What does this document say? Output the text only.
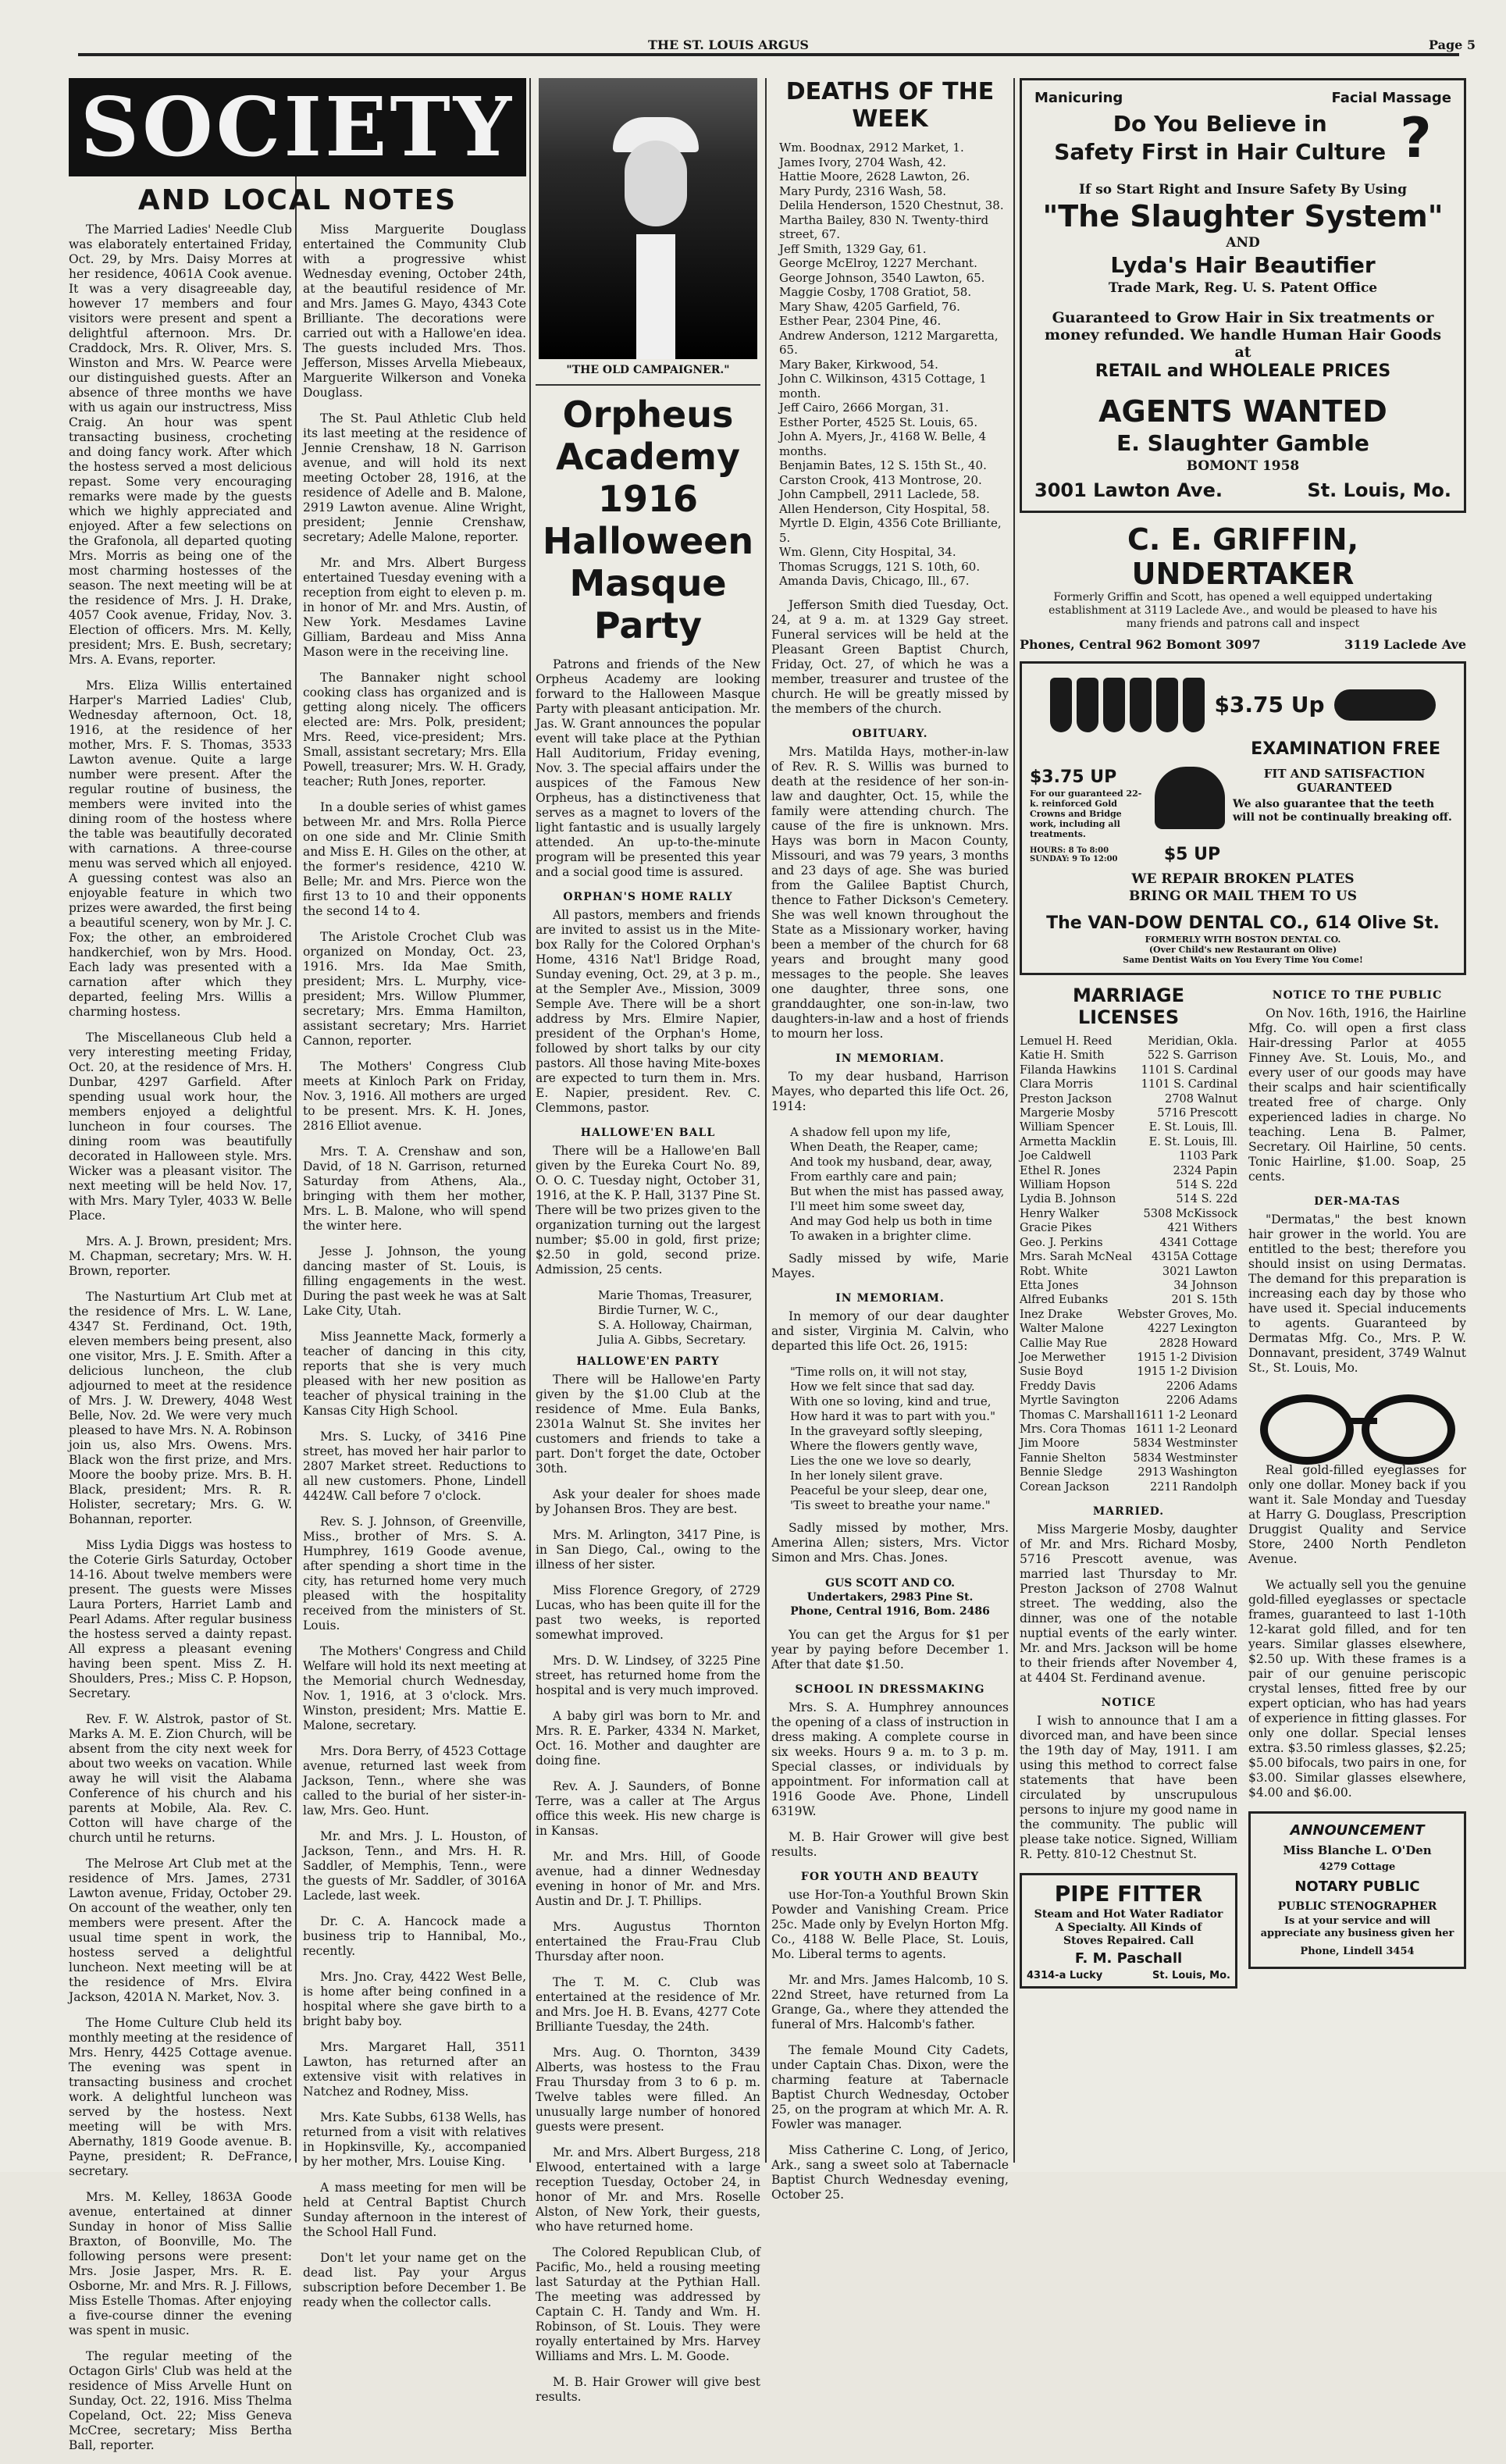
THE ST. LOUIS ARGUS	Page 5
SOCIETY
AND LOCAL NOTES

The Married Ladies' Needle Club was elaborately entertained Friday, Oct. 29, by Mrs. Daisy Morres at her residence, 4061A Cook avenue. It was a very disagreeable day, however 17 members and four visitors were present and spent a delightful afternoon. Mrs. Dr. Craddock, Mrs. R. Oliver, Mrs. S. Winston and Mrs. W. Pearce were our distinguished guests. After an absence of three months we have with us again our instructress, Miss Craig. An hour was spent transacting business, crocheting and doing fancy work. After which the hostess served a most delicious repast. Some very encouraging remarks were made by the guests which we highly appreciated and enjoyed. After a few selections on the Grafonola, all departed quoting Mrs. Morris as being one of the most charming hostesses of the season. The next meeting will be at the residence of Mrs. J. H. Drake, 4057 Cook avenue, Friday, Nov. 3. Election of officers. Mrs. M. Kelly, president; Mrs. E. Bush, secretary; Mrs. A. Evans, reporter.

Mrs. Eliza Willis entertained Harper's Married Ladies' Club, Wednesday afternoon, Oct. 18, 1916, at the residence of her mother, Mrs. F. S. Thomas, 3533 Lawton avenue. Quite a large number were present. After the regular routine of business, the members were invited into the dining room of the hostess where the table was beautifully decorated with carnations. A three-course menu was served which all enjoyed. A guessing contest was also an enjoyable feature in which two prizes were awarded, the first being a beautiful scenery, won by Mr. J. C. Fox; the other, an embroidered handkerchief, won by Mrs. Hood. Each lady was presented with a carnation after which they departed, feeling Mrs. Willis a charming hostess.

The Miscellaneous Club held a very interesting meeting Friday, Oct. 20, at the residence of Mrs. H. Dunbar, 4297 Garfield. After spending usual work hour, the members enjoyed a delightful luncheon in four courses. The dining room was beautifully decorated in Halloween style. Mrs. Wicker was a pleasant visitor. The next meeting will be held Nov. 17, with Mrs. Mary Tyler, 4033 W. Belle Place.

Mrs. A. J. Brown, president; Mrs. M. Chapman, secretary; Mrs. W. H. Brown, reporter.

The Nasturtium Art Club met at the residence of Mrs. L. W. Lane, 4347 St. Ferdinand, Oct. 19th, eleven members being present, also one visitor, Mrs. J. E. Smith. After a delicious luncheon, the club adjourned to meet at the residence of Mrs. J. W. Drewery, 4048 West Belle, Nov. 2d. We were very much pleased to have Mrs. N. A. Robinson join us, also Mrs. Owens. Mrs. Black won the first prize, and Mrs. Moore the booby prize. Mrs. B. H. Black, president; Mrs. R. R. Holister, secretary; Mrs. G. W. Bohannan, reporter.

Miss Lydia Diggs was hostess to the Coterie Girls Saturday, October 14-16. About twelve members were present. The guests were Misses Laura Porters, Harriet Lamb and Pearl Adams. After regular business the hostess served a dainty repast. All express a pleasant evening having been spent. Miss Z. H. Shoulders, Pres.; Miss C. P. Hopson, Secretary.

Rev. F. W. Alstrok, pastor of St. Marks A. M. E. Zion Church, will be absent from the city next week for about two weeks on vacation. While away he will visit the Alabama Conference of his church and his parents at Mobile, Ala. Rev. C. Cotton will have charge of the church until he returns.

The Melrose Art Club met at the residence of Mrs. James, 2731 Lawton avenue, Friday, October 29. On account of the weather, only ten members were present. After the usual time spent in work, the hostess served a delightful luncheon. Next meeting will be at the residence of Mrs. Elvira Jackson, 4201A N. Market, Nov. 3.

The Home Culture Club held its monthly meeting at the residence of Mrs. Henry, 4425 Cottage avenue. The evening was spent in transacting business and crochet work. A delightful luncheon was served by the hostess. Next meeting will be with Mrs. Abernathy, 1819 Goode avenue. B. Payne, president; R. DeFrance, secretary.

Mrs. M. Kelley, 1863A Goode avenue, entertained at dinner Sunday in honor of Miss Sallie Braxton, of Boonville, Mo. The following persons were present: Mrs. Josie Jasper, Mrs. R. E. Osborne, Mr. and Mrs. R. J. Fillows, Miss Estelle Thomas. After enjoying a five-course dinner the evening was spent in music.

The regular meeting of the Octagon Girls' Club was held at the residence of Miss Arvelle Hunt on Sunday, Oct. 22, 1916. Miss Thelma Copeland, Oct. 22; Miss Geneva McCree, secretary; Miss Bertha Ball, reporter.

Miss Marguerite Douglass entertained the Community Club with a progressive whist Wednesday evening, October 24th, at the beautiful residence of Mr. and Mrs. James G. Mayo, 4343 Cote Brilliante. The decorations were carried out with a Hallowe'en idea. The guests included Mrs. Thos. Jefferson, Misses Arvella Miebeaux, Marguerite Wilkerson and Voneka Douglass.

The St. Paul Athletic Club held its last meeting at the residence of Jennie Crenshaw, 18 N. Garrison avenue, and will hold its next meeting October 28, 1916, at the residence of Adelle and B. Malone, 2919 Lawton avenue. Aline Wright, president; Jennie Crenshaw, secretary; Adelle Malone, reporter.

Mr. and Mrs. Albert Burgess entertained Tuesday evening with a reception from eight to eleven p. m. in honor of Mr. and Mrs. Austin, of New York. Mesdames Lavine Gilliam, Bardeau and Miss Anna Mason were in the receiving line.

The Bannaker night school cooking class has organized and is getting along nicely. The officers elected are: Mrs. Polk, president; Mrs. Reed, vice-president; Mrs. Small, assistant secretary; Mrs. Ella Powell, treasurer; Mrs. W. H. Grady, teacher; Ruth Jones, reporter.

In a double series of whist games between Mr. and Mrs. Rolla Pierce on one side and Mr. Clinie Smith and Miss E. H. Giles on the other, at the former's residence, 4210 W. Belle; Mr. and Mrs. Pierce won the first 13 to 10 and their opponents the second 14 to 4.

The Aristole Crochet Club was organized on Monday, Oct. 23, 1916. Mrs. Ida Mae Smith, president; Mrs. L. Murphy, vice-president; Mrs. Willow Plummer, secretary; Mrs. Emma Hamilton, assistant secretary; Mrs. Harriet Cannon, reporter.

The Mothers' Congress Club meets at Kinloch Park on Friday, Nov. 3, 1916. All mothers are urged to be present. Mrs. K. H. Jones, 2816 Elliot avenue.

Mrs. T. A. Crenshaw and son, David, of 18 N. Garrison, returned Saturday from Athens, Ala., bringing with them her mother, Mrs. L. B. Malone, who will spend the winter here.

Jesse J. Johnson, the young dancing master of St. Louis, is filling engagements in the west. During the past week he was at Salt Lake City, Utah.

Miss Jeannette Mack, formerly a teacher of dancing in this city, reports that she is very much pleased with her new position as teacher of physical training in the Kansas City High School.

Mrs. S. Lucky, of 3416 Pine street, has moved her hair parlor to 2807 Market street. Reductions to all new customers. Phone, Lindell 4424W. Call before 7 o'clock.

Rev. S. J. Johnson, of Greenville, Miss., brother of Mrs. S. A. Humphrey, 1619 Goode avenue, after spending a short time in the city, has returned home very much pleased with the hospitality received from the ministers of St. Louis.

The Mothers' Congress and Child Welfare will hold its next meeting at the Memorial church Wednesday, Nov. 1, 1916, at 3 o'clock. Mrs. Winston, president; Mrs. Mattie E. Malone, secretary.

Mrs. Dora Berry, of 4523 Cottage avenue, returned last week from Jackson, Tenn., where she was called to the burial of her sister-in-law, Mrs. Geo. Hunt.

Mr. and Mrs. J. L. Houston, of Jackson, Tenn., and Mrs. H. R. Saddler, of Memphis, Tenn., were the guests of Mr. Saddler, of 3016A Laclede, last week.

Dr. C. A. Hancock made a business trip to Hannibal, Mo., recently.

Mrs. Jno. Cray, 4422 West Belle, is home after being confined in a hospital where she gave birth to a bright baby boy.

Mrs. Margaret Hall, 3511 Lawton, has returned after an extensive visit with relatives in Natchez and Rodney, Miss.

Mrs. Kate Subbs, 6138 Wells, has returned from a visit with relatives in Hopkinsville, Ky., accompanied by her mother, Mrs. Louise King.

A mass meeting for men will be held at Central Baptist Church Sunday afternoon in the interest of the School Hall Fund.

Don't let your name get on the dead list. Pay your Argus subscription before December 1. Be ready when the collector calls.

"THE OLD CAMPAIGNER."
Orpheus Academy
1916 Halloween
Masque Party

Patrons and friends of the New Orpheus Academy are looking forward to the Halloween Masque Party with pleasant anticipation. Mr. Jas. W. Grant announces the popular event will take place at the Pythian Hall Auditorium, Friday evening, Nov. 3. The special affairs under the auspices of the Famous New Orpheus, has a distinctiveness that serves as a magnet to lovers of the light fantastic and is usually largely attended. An up-to-the-minute program will be presented this year and a social good time is assured.

ORPHAN'S HOME RALLY

All pastors, members and friends are invited to assist us in the Mite-box Rally for the Colored Orphan's Home, 4316 Nat'l Bridge Road, Sunday evening, Oct. 29, at 3 p. m., at the Sempler Ave., Mission, 3009 Semple Ave. There will be a short address by Mrs. Elmire Napier, president of the Orphan's Home, followed by short talks by our city pastors. All those having Mite-boxes are expected to turn them in. Mrs. E. Napier, president. Rev. C. Clemmons, pastor.

HALLOWE'EN BALL

There will be a Hallowe'en Ball given by the Eureka Court No. 89, O. O. C. Tuesday night, October 31, 1916, at the K. P. Hall, 3137 Pine St. There will be two prizes given to the organization turning out the largest number; $5.00 in gold, first prize; $2.50 in gold, second prize. Admission, 25 cents.

Marie Thomas, Treasurer,
Birdie Turner, W. C.,
S. A. Holloway, Chairman,
Julia A. Gibbs, Secretary.
HALLOWE'EN PARTY

There will be Hallowe'en Party given by the $1.00 Club at the residence of Mme. Eula Banks, 2301a Walnut St. She invites her customers and friends to take a part. Don't forget the date, October 30th.

Ask your dealer for shoes made by Johansen Bros. They are best.

Mrs. M. Arlington, 3417 Pine, is in San Diego, Cal., owing to the illness of her sister.

Miss Florence Gregory, of 2729 Lucas, who has been quite ill for the past two weeks, is reported somewhat improved.

Mrs. D. W. Lindsey, of 3225 Pine street, has returned home from the hospital and is very much improved.

A baby girl was born to Mr. and Mrs. R. E. Parker, 4334 N. Market, Oct. 16. Mother and daughter are doing fine.

Rev. A. J. Saunders, of Bonne Terre, was a caller at The Argus office this week. His new charge is in Kansas.

Mr. and Mrs. Hill, of Goode avenue, had a dinner Wednesday evening in honor of Mr. and Mrs. Austin and Dr. J. T. Phillips.

Mrs. Augustus Thornton entertained the Frau-Frau Club Thursday after noon.

The T. M. C. Club was entertained at the residence of Mr. and Mrs. Joe H. B. Evans, 4277 Cote Brilliante Tuesday, the 24th.

Mrs. Aug. O. Thornton, 3439 Alberts, was hostess to the Frau Frau Thursday from 3 to 6 p. m. Twelve tables were filled. An unusually large number of honored guests were present.

Mr. and Mrs. Albert Burgess, 218 Elwood, entertained with a large reception Tuesday, October 24, in honor of Mr. and Mrs. Roselle Alston, of New York, their guests, who have returned home.

The Colored Republican Club, of Pacific, Mo., held a rousing meeting last Saturday at the Pythian Hall. The meeting was addressed by Captain C. H. Tandy and Wm. H. Robinson, of St. Louis. They were royally entertained by Mrs. Harvey Williams and Mrs. L. M. Goode.

M. B. Hair Grower will give best results.

DEATHS OF THE WEEK
Wm. Boodnax, 2912 Market, 1.
James Ivory, 2704 Wash, 42.
Hattie Moore, 2628 Lawton, 26.
Mary Purdy, 2316 Wash, 58.
Delila Henderson, 1520 Chestnut, 38.
Martha Bailey, 830 N. Twenty-third street, 67.
Jeff Smith, 1329 Gay, 61.
George McElroy, 1227 Merchant.
George Johnson, 3540 Lawton, 65.
Maggie Cosby, 1708 Gratiot, 58.
Mary Shaw, 4205 Garfield, 76.
Esther Pear, 2304 Pine, 46.
Andrew Anderson, 1212 Margaretta, 65.
Mary Baker, Kirkwood, 54.
John C. Wilkinson, 4315 Cottage, 1 month.
Jeff Cairo, 2666 Morgan, 31.
Esther Porter, 4525 St. Louis, 65.
John A. Myers, Jr., 4168 W. Belle, 4 months.
Benjamin Bates, 12 S. 15th St., 40.
Carston Crook, 413 Montrose, 20.
John Campbell, 2911 Laclede, 58.
Allen Henderson, City Hospital, 58.
Myrtle D. Elgin, 4356 Cote Brilliante, 5.
Wm. Glenn, City Hospital, 34.
Thomas Scruggs, 121 S. 10th, 60.
Amanda Davis, Chicago, Ill., 67.

Jefferson Smith died Tuesday, Oct. 24, at 9 a. m. at 1329 Gay street. Funeral services will be held at the Pleasant Green Baptist Church, Friday, Oct. 27, of which he was a member, treasurer and trustee of the church. He will be greatly missed by the members of the church.

OBITUARY.

Mrs. Matilda Hays, mother-in-law of Rev. R. S. Willis was burned to death at the residence of her son-in-law and daughter, Oct. 15, while the family were attending church. The cause of the fire is unknown. Mrs. Hays was born in Macon County, Missouri, and was 79 years, 3 months and 23 days of age. She was buried from the Galilee Baptist Church, thence to Father Dickson's Cemetery. She was well known throughout the State as a Missionary worker, having been a member of the church for 68 years and brought many good messages to the people. She leaves one daughter, three sons, one granddaughter, one son-in-law, two daughters-in-law and a host of friends to mourn her loss.

IN MEMORIAM.

To my dear husband, Harrison Mayes, who departed this life Oct. 26, 1914:

A shadow fell upon my life,
When Death, the Reaper, came;
And took my husband, dear, away,
From earthly care and pain;
But when the mist has passed away,
I'll meet him some sweet day,
And may God help us both in time
To awaken in a brighter clime.

Sadly missed by wife, Marie Mayes.

IN MEMORIAM.

In memory of our dear daughter and sister, Virginia M. Calvin, who departed this life Oct. 26, 1915:

"Time rolls on, it will not stay,
How we felt since that sad day.
With one so loving, kind and true,
How hard it was to part with you."
In the graveyard softly sleeping,
Where the flowers gently wave,
Lies the one we love so dearly,
In her lonely silent grave.
Peaceful be your sleep, dear one,
'Tis sweet to breathe your name."

Sadly missed by mother, Mrs. Amerina Allen; sisters, Mrs. Victor Simon and Mrs. Chas. Jones.

GUS SCOTT AND CO.
Undertakers, 2983 Pine St.
Phone, Central 1916, Bom. 2486

You can get the Argus for $1 per year by paying before December 1. After that date $1.50.

SCHOOL IN DRESSMAKING

Mrs. S. A. Humphrey announces the opening of a class of instruction in dress making. A complete course in six weeks. Hours 9 a. m. to 3 p. m. Special classes, or individuals by appointment. For information call at 1916 Goode Ave. Phone, Lindell 6319W.

M. B. Hair Grower will give best results.

FOR YOUTH AND BEAUTY

use Hor-Ton-a Youthful Brown Skin Powder and Vanishing Cream. Price 25c. Made only by Evelyn Horton Mfg. Co., 4188 W. Belle Place, St. Louis, Mo. Liberal terms to agents.

Mr. and Mrs. James Halcomb, 10 S. 22nd Street, have returned from La Grange, Ga., where they attended the funeral of Mrs. Halcomb's father.

The female Mound City Cadets, under Captain Chas. Dixon, were the charming feature at Tabernacle Baptist Church Wednesday, October 25, on the program at which Mr. A. R. Fowler was manager.

Miss Catherine C. Long, of Jerico, Ark., sang a sweet solo at Tabernacle Baptist Church Wednesday evening, October 25.

Manicuring	Facial Massage
Do You Believe in
Safety First in Hair Culture ?
If so Start Right and Insure Safety By Using
"The Slaughter System"
AND
Lyda's Hair Beautifier
Trade Mark, Reg. U. S. Patent Office
Guaranteed to Grow Hair in Six treatments or
money refunded. We handle Human Hair Goods at
RETAIL and WHOLEALE PRICES
AGENTS WANTED
E. Slaughter Gamble
BOMONT 1958
3001 Lawton Ave.	St. Louis, Mo.
C. E. GRIFFIN, UNDERTAKER
Formerly Griffin and Scott, has opened a well equipped undertaking establishment at 3119 Laclede Ave., and would be pleased to have his many friends and patrons call and inspect
Phones, Central 962 Bomont 3097	3119 Laclede Ave
$3.75 Up
EXAMINATION FREE
$3.75 UP
For our guaranteed 22-k. reinforced Gold Crowns and Bridge work, including all treatments.
FIT AND SATISFACTION GUARANTEED
We also guarantee that the teeth will not be continually breaking off.
HOURS: 8 To 8:00 SUNDAY: 9 To 12:00	$5 UP
WE REPAIR BROKEN PLATES
BRING OR MAIL THEM TO US
The VAN-DOW DENTAL CO., 614 Olive St.
FORMERLY WITH BOSTON DENTAL CO.
(Over Child's new Restaurant on Olive)
Same Dentist Waits on You Every Time You Come!
MARRIAGE LICENSES
Lemuel H. Reed	Meridian, Okla.
Katie H. Smith	522 S. Garrison
Filanda Hawkins 1101 S. Cardinal
Clara Morris	1101 S. Cardinal
Preston Jackson	2708 Walnut
Margerie Mosby	5716 Prescott
William Spencer	E. St. Louis, Ill.
Armetta Macklin	E. St. Louis, Ill.
Joe Caldwell	1103 Park
Ethel R. Jones	2324 Papin
William Hopson	514 S. 22d
Lydia B. Johnson	514 S. 22d
Henry Walker	5308 McKissock
Gracie Pikes	421 Withers
Geo. J. Perkins	4341 Cottage
Mrs. Sarah McNeal 4315A Cottage
Robt. White	3021 Lawton
Etta Jones	34 Johnson
Alfred Eubanks	201 S. 15th
Inez Drake	Webster Groves, Mo.
Walter Malone	4227 Lexington
Callie May Rue	2828 Howard
Joe Merwether	1915 1-2 Division
Susie Boyd	1915 1-2 Division
Freddy Davis	2206 Adams
Myrtle Savington	2206 Adams
Thomas C. Marshall 1611 1-2 Leonard
Mrs. Cora Thomas 1611 1-2 Leonard
Jim Moore	5834 Westminster
Fannie Shelton 5834 Westminster
Bennie Sledge	2913 Washington
Corean Jackson	2211 Randolph
MARRIED.

Miss Margerie Mosby, daughter of Mr. and Mrs. Richard Mosby, 5716 Prescott avenue, was married last Thursday to Mr. Preston Jackson of 2708 Walnut street. The wedding, also the dinner, was one of the notable nuptial events of the early winter. Mr. and Mrs. Jackson will be home to their friends after November 4, at 4404 St. Ferdinand avenue.

NOTICE

I wish to announce that I am a divorced man, and have been since the 19th day of May, 1911. I am using this method to correct false statements that have been circulated by unscrupulous persons to injure my good name in the community. The public will please take notice. Signed, William R. Petty. 810-12 Chestnut St.

PIPE FITTER
Steam and Hot Water Radiator
A Specialty. All Kinds of
Stoves Repaired. Call
F. M. Paschall
4314-a Lucky	St. Louis, Mo.
NOTICE TO THE PUBLIC

On Nov. 16th, 1916, the Hairline Mfg. Co. will open a first class Hair-dressing Parlor at 4055 Finney Ave. St. Louis, Mo., and every user of our goods may have their scalps and hair scientifically treated free of charge. Only experienced ladies in charge. No teaching. Lena B. Palmer, Secretary. Oil Hairline, 50 cents. Tonic Hairline, $1.00. Soap, 25 cents.

DER-MA-TAS

"Dermatas," the best known hair grower in the world. You are entitled to the best; therefore you should insist on using Dermatas. The demand for this preparation is increasing each day by those who have used it. Special inducements to agents. Guaranteed by Dermatas Mfg. Co., Mrs. P. W. Donnavant, president, 3749 Walnut St., St. Louis, Mo.

Real gold-filled eyeglasses for only one dollar. Money back if you want it. Sale Monday and Tuesday at Harry G. Douglass, Prescription Druggist Quality and Service Store, 2400 North Pendleton Avenue.

We actually sell you the genuine gold-filled eyeglasses or spectacle frames, guaranteed to last 1-10th 12-karat gold filled, and for ten years. Similar glasses elsewhere, $2.50 up. With these frames is a pair of our genuine periscopic crystal lenses, fitted free by our expert optician, who has had years of experience in fitting glasses. For only one dollar. Special lenses extra. $3.50 rimless glasses, $2.25; $5.00 bifocals, two pairs in one, for $3.00. Similar glasses elsewhere, $4.00 and $6.00.

ANNOUNCEMENT
Miss Blanche L. O'Den
4279 Cottage
NOTARY PUBLIC
PUBLIC STENOGRAPHER
Is at your service and will appreciate any business given her
Phone, Lindell 3454
